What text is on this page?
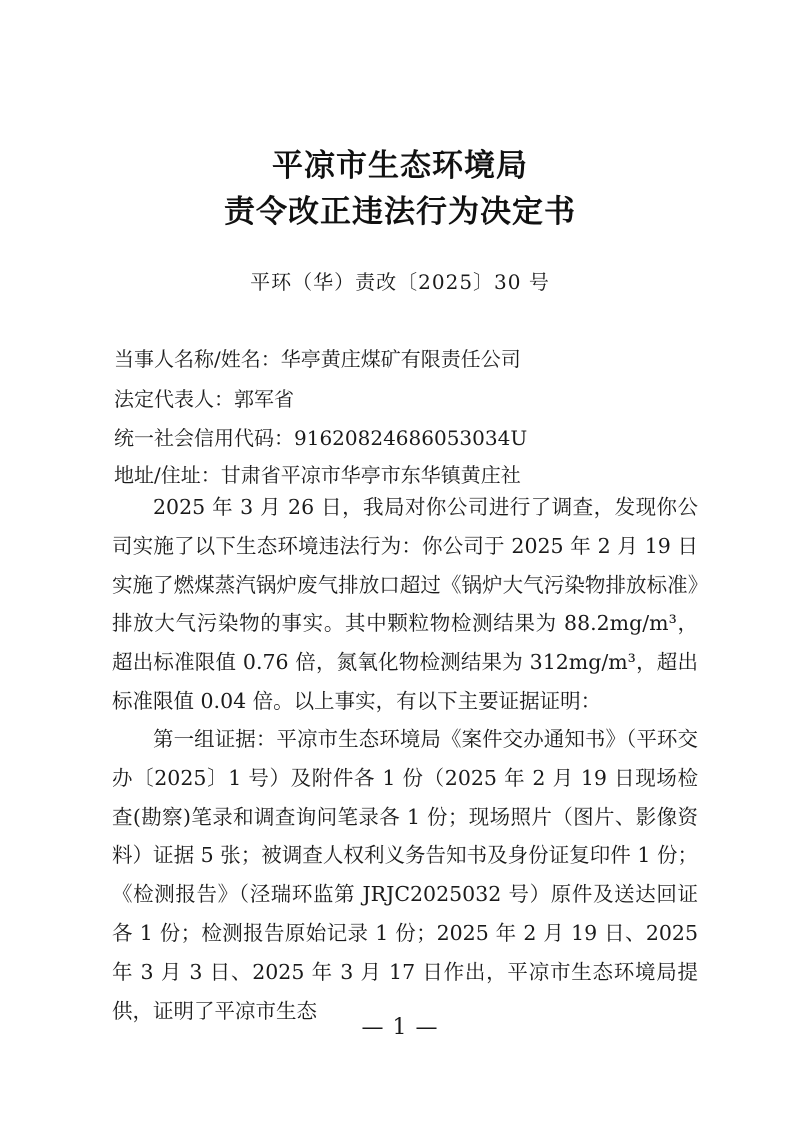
平凉市生态环境局
责令改正违法行为决定书
平环（华）责改〔2025〕30 号
当事人名称/姓名：华亭黄庄煤矿有限责任公司
法定代表人：郭军省
统一社会信用代码：91620824686053034U
地址/住址：甘肃省平凉市华亭市东华镇黄庄社

2025 年 3 月 26 日，我局对你公司进行了调查，发现你公司实施了以下生态环境违法行为：你公司于 2025 年 2 月 19 日实施了燃煤蒸汽锅炉废气排放口超过《锅炉大气污染物排放标准》排放大气污染物的事实。其中颗粒物检测结果为 88.2mg/m³，超出标准限值 0.76 倍，氮氧化物检测结果为 312mg/m³，超出标准限值 0.04 倍。以上事实，有以下主要证据证明：

第一组证据：平凉市生态环境局《案件交办通知书》（平环交办〔2025〕1 号）及附件各 1 份（2025 年 2 月 19 日现场检查(勘察)笔录和调查询问笔录各 1 份；现场照片（图片、影像资料）证据 5 张；被调查人权利义务告知书及身份证复印件 1 份；《检测报告》（泾瑞环监第 JRJC2025032 号）原件及送达回证各 1 份；检测报告原始记录 1 份；2025 年 2 月 19 日、2025 年 3 月 3 日、2025 年 3 月 17 日作出，平凉市生态环境局提供，证明了平凉市生态

— 1 —
